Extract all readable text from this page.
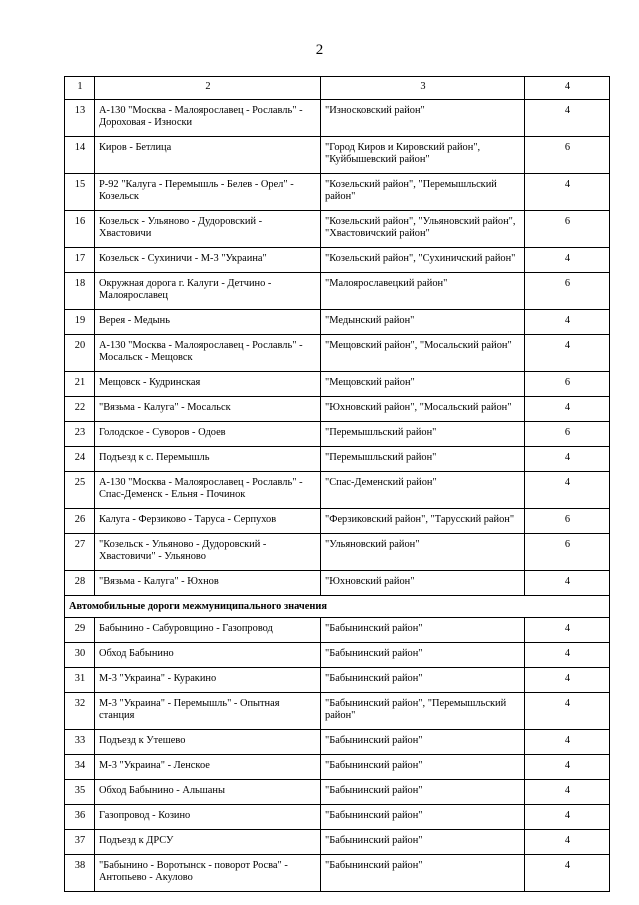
2
1	2	3	4
13	А-130 "Москва - Малоярославец - Рославль" - Дороховая - Износки	"Износковский район"	4
14	Киров - Бетлица	"Город Киров и Кировский район", "Куйбышевский район"	6
15	Р-92 "Калуга - Перемышль - Белев - Орел" - Козельск	"Козельский район", "Перемышльский район"	4
16	Козельск - Ульяново - Дудоровский - Хвастовичи	"Козельский район", "Ульяновский район", "Хвастовичский район"	6
17	Козельск - Сухиничи - М-3 "Украина"	"Козельский район", "Сухиничский район"	4
18	Окружная дорога г. Калуги - Детчино - Малоярославец	"Малоярославецкий район"	6
19	Верея - Медынь	"Медынский район"	4
20	А-130 "Москва - Малоярославец - Рославль" - Мосальск - Мещовск	"Мещовский район", "Мосальский район"	4
21	Мещовск - Кудринская	"Мещовский район"	6
22	"Вязьма - Калуга" - Мосальск	"Юхновский район", "Мосальский район"	4
23	Голодское - Суворов - Одоев	"Перемышльский район"	6
24	Подъезд к с. Перемышль	"Перемышльский район"	4
25	А-130 "Москва - Малоярославец - Рославль" - Спас-Деменск - Ельня - Починок	"Спас-Деменский район"	4
26	Калуга - Ферзиково - Таруса - Серпухов	"Ферзиковский район", "Тарусский район"	6
27	"Козельск - Ульяново - Дудоровский - Хвастовичи" - Ульяново	"Ульяновский район"	6
28	"Вязьма - Калуга" - Юхнов	"Юхновский район"	4
Автомобильные дороги межмуниципального значения			
29	Бабынино - Сабуровщино - Газопровод	"Бабынинский район"	4
30	Обход Бабынино	"Бабынинский район"	4
31	М-3 "Украина" - Куракино	"Бабынинский район"	4
32	М-3 "Украина" - Перемышль" - Опытная станция	"Бабынинский район", "Перемышльский район"	4
33	Подъезд к Утешево	"Бабынинский район"	4
34	М-3 "Украина" - Ленское	"Бабынинский район"	4
35	Обход Бабынино - Альшаны	"Бабынинский район"	4
36	Газопровод - Козино	"Бабынинский район"	4
37	Подъезд к ДРСУ	"Бабынинский район"	4
38	"Бабынино - Воротынск - поворот Росва" - Антопьево - Акулово	"Бабынинский район"	4
